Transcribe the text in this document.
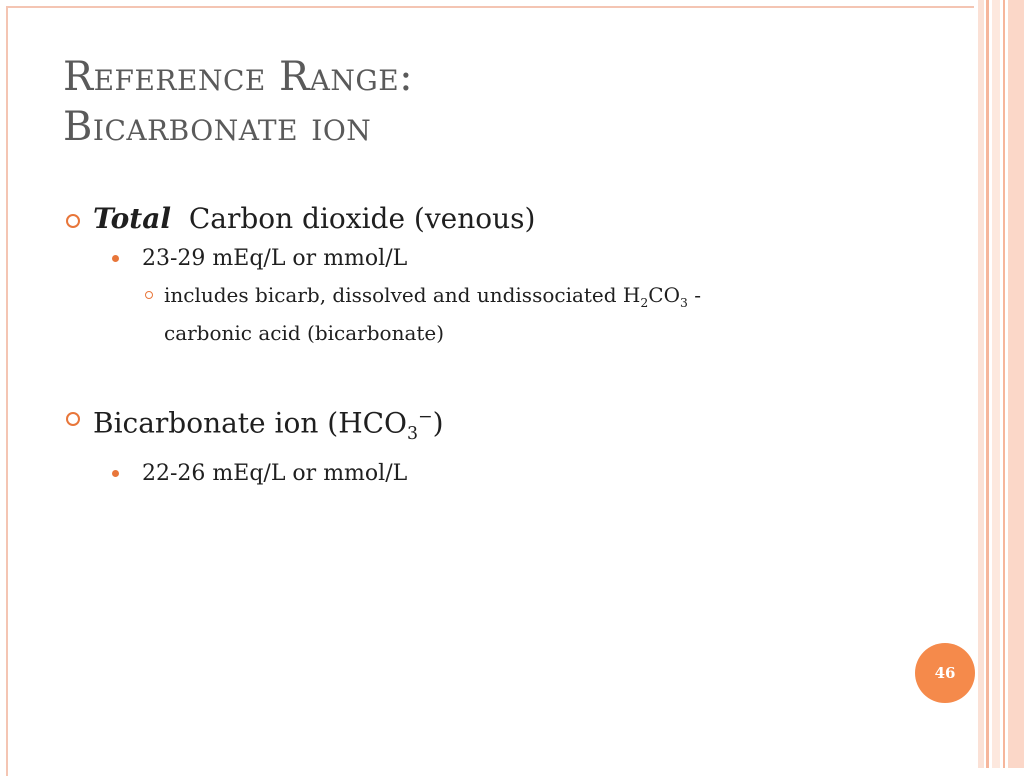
Reference Range:
Bicarbonate ion
Total Carbon dioxide (venous)
23-29 mEq/L or mmol/L
includes bicarb, dissolved and undissociated $H_2CO_3$ -
carbonic acid (bicarbonate)
Bicarbonate ion $(HCO_3^-)$
22-26 mEq/L or mmol/L
46
